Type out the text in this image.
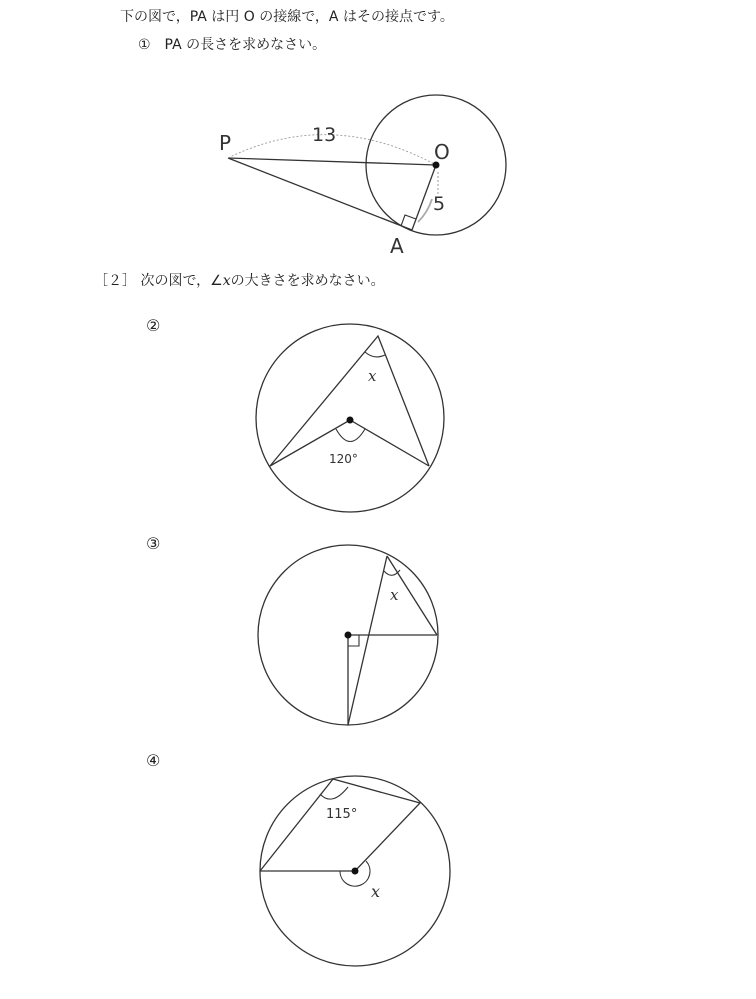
下の図で，PA は円 O の接線で，A はその接点です。
①　PA の長さを求めなさい。
［２］ 次の図で，∠xの大きさを求めなさい。
②
③
④
P	O
A
13
5
x
120°
x
115°
x
